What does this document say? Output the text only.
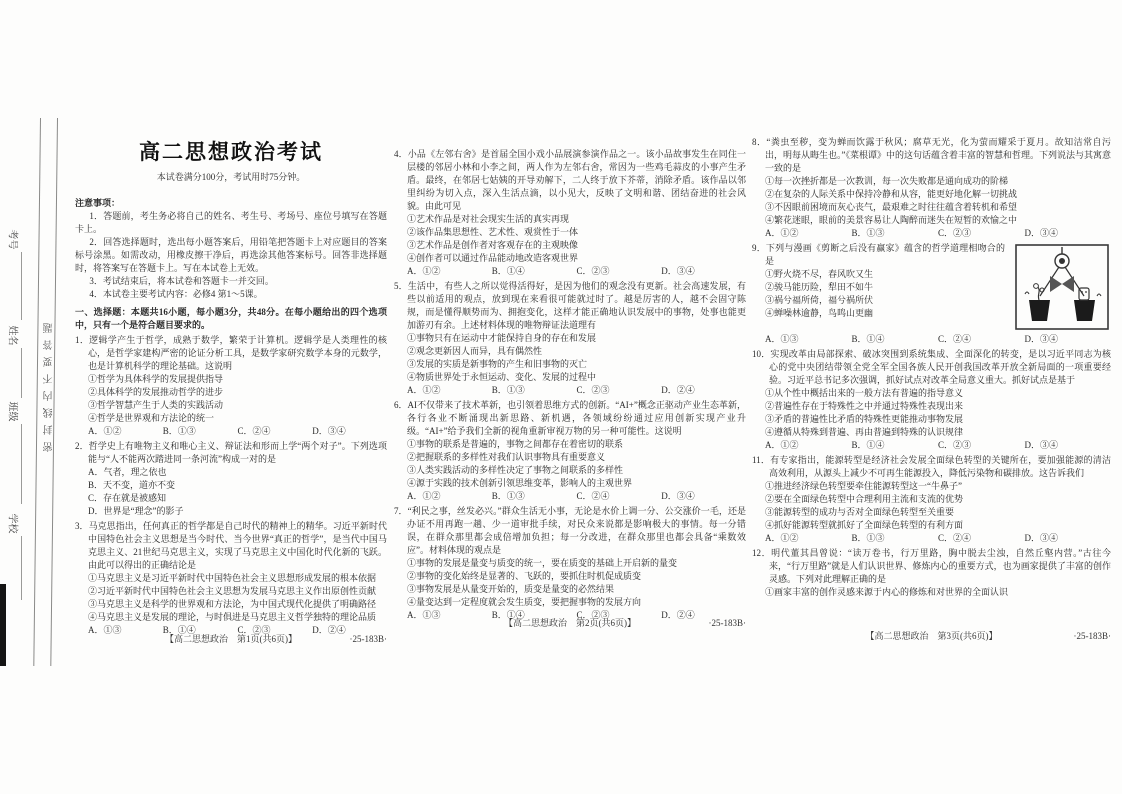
考号
姓名
班级
学校
密封线内不要答题
高二思想政治考试
本试卷满分100分，考试用时75分钟。

注意事项：

1．答题前，考生务必将自己的姓名、考生号、考场号、座位号填写在答题卡上。
2．回答选择题时，选出每小题答案后，用铅笔把答题卡上对应题目的答案标号涂黑。如需改动，用橡皮擦干净后，再选涂其他答案标号。回答非选择题时，将答案写在答题卡上。写在本试卷上无效。
3．考试结束后，将本试卷和答题卡一并交回。
4．本试卷主要考试内容：必修4 第1～5课。
一、选择题：本题共16小题，每小题3分，共48分。在每小题给出的四个选项中，只有一个是符合题目要求的。

1．逻辑学产生于哲学，成熟于数学，繁荣于计算机。逻辑学是人类理性的核心，是哲学家建构严密的论证分析工具，是数学家研究数学本身的元数学，也是计算机科学的理论基础。这说明

①哲学为具体科学的发展提供指导
②具体科学的发展推动哲学的进步
③哲学智慧产生于人类的实践活动
④哲学是世界观和方法论的统一
A．①②	B．①③	C．②④	D．③④

2．哲学史上有唯物主义和唯心主义、辩证法和形而上学“两个对子”。下列选项能与“人不能两次踏进同一条河流”构成一对的是

A．气者，理之依也
B．天不变，道亦不变
C．存在就是被感知
D．世界是“理念”的影子

3．马克思指出，任何真正的哲学都是自己时代的精神上的精华。习近平新时代中国特色社会主义思想是当今时代、当今世界“真正的哲学”，是当代中国马克思主义、21世纪马克思主义，实现了马克思主义中国化时代化新的飞跃。由此可以得出的正确结论是

①马克思主义是习近平新时代中国特色社会主义思想形成发展的根本依据
②习近平新时代中国特色社会主义思想为发展马克思主义作出原创性贡献
③马克思主义是科学的世界观和方法论，为中国式现代化提供了明确路径
④马克思主义是发展的理论，与时俱进是马克思主义哲学独特的理论品质
A．①③	B．①④	C．②③	D．②④

4．小品《左邻右舍》是首届全国小戏小品展演参演作品之一。该小品故事发生在同住一层楼的邻居小林和小李之间，两人作为左邻右舍，常因为一些鸡毛蒜皮的小事产生矛盾。最终，在邻居七姑姨的开导劝解下，二人终于放下芥蒂，消除矛盾。该作品以邻里纠纷为切入点，深入生活点滴，以小见大，反映了文明和谐、团结奋进的社会风貌。由此可见

①艺术作品是对社会现实生活的真实再现
②该作品集思想性、艺术性、观赏性于一体
③艺术作品是创作者对客观存在的主观映像
④创作者可以通过作品能动地改造客观世界
A．①②	B．①④	C．②③	D．③④

5．生活中，有些人之所以觉得活得好，是因为他们的观念没有更新。社会高速发展，有些以前适用的观点，放到现在来看很可能就过时了。越是厉害的人，越不会固守陈规，而是懂得顺势而为、拥抱变化，这样才能正确地认识发展中的事物，处事也能更加游刃有余。上述材料体现的唯物辩证法道理有

①事物只有在运动中才能保持自身的存在和发展
②观念更新因人而异，具有偶然性
③发展的实质是新事物的产生和旧事物的灭亡
④物质世界处于永恒运动、变化、发展的过程中
A．①②	B．①③	C．②③	D．②④

6．AI不仅带来了技术革新，也引领着思维方式的创新。“AI+”概念正驱动产业生态革新，各行各业不断涌现出新思路、新机遇，各领域纷纷通过应用创新实现产业升级。“AI+”给予我们全新的视角重新审视万物的另一种可能性。这说明

①事物的联系是普遍的，事物之间都存在着密切的联系
②把握联系的多样性对我们认识事物具有重要意义
③人类实践活动的多样性决定了事物之间联系的多样性
④源于实践的技术创新引领思维变革，影响人的主观世界
A．①②	B．①③	C．②④	D．③④

7．“利民之事，丝发必兴。”群众生活无小事，无论是水价上调一分、公交涨价一毛，还是办证不用再跑一趟、少一道审批手续，对民众来说都是影响极大的事情。每一分错误，在群众那里都会成倍增加负担；每一分改进，在群众那里也都会具备“乘数效应”。材料体现的观点是

①事物的发展是量变与质变的统一，要在质变的基础上开启新的量变
②事物的变化始终是显著的、飞跃的，要抓住时机促成质变
③事物发展是从量变开始的，质变是量变的必然结果
④量变达到一定程度就会发生质变，要把握事物的发展方向
A．①③	B．①④	C．②③	D．②④

8．“粪虫至秽，变为蝉而饮露于秋风；腐草无光，化为萤而耀采于夏月。故知洁常自污出，明每从晦生也。”《菜根谭》中的这句话蕴含着丰富的智慧和哲理。下列说法与其寓意一致的是

①每一次挫折都是一次教训，每一次失败都是通向成功的阶梯
②在复杂的人际关系中保持冷静和从容，能更好地化解一切挑战
③不因眼前困境而灰心丧气，最艰难之时往往蕴含着转机和希望
④繁花迷眼，眼前的美景容易让人陶醉而迷失在短暂的欢愉之中
A．①②	B．①③	C．②③	D．③④

9．下列与漫画《剪断之后没有赢家》蕴含的哲学道理相吻合的是

①野火烧不尽，春风吹又生
②骏马能历险，犁田不如牛
③祸兮福所倚，福兮祸所伏
④蝉噪林逾静，鸟鸣山更幽
A．①③	B．①④	C．②④	D．③④

10．实现改革由局部探索、破冰突围到系统集成、全面深化的转变，是以习近平同志为核心的党中央团结带领全党全军全国各族人民开创我国改革开放全新局面的一项重要经验。习近平总书记多次强调，抓好试点对改革全局意义重大。抓好试点是基于

①从个性中概括出来的一般方法有普遍的指导意义
②普遍性存在于特殊性之中并通过特殊性表现出来
③矛盾的普遍性比矛盾的特殊性更能推动事物发展
④遵循从特殊到普遍、再由普遍到特殊的认识规律
A．①②	B．①④	C．②③	D．③④

11．有专家指出，能源转型是经济社会发展全面绿色转型的关键所在，要加强能源的清洁高效利用，从源头上减少不可再生能源投入，降低污染物和碳排放。这告诉我们

①推进经济绿色转型要牵住能源转型这一“牛鼻子”
②要在全面绿色转型中合理利用主流和支流的优势
③能源转型的成功与否对全面绿色转型至关重要
④抓好能源转型就抓好了全面绿色转型的有利方面
A．①②	B．①③	C．②④	D．③④

12．明代董其昌曾说：“读万卷书，行万里路，胸中脱去尘浊，自然丘壑内营。”古往今来，“行万里路”就是人们认识世界、修炼内心的重要方式，也为画家提供了丰富的创作灵感。下列对此理解正确的是

①画家丰富的创作灵感来源于内心的修炼和对世界的全面认识
【高二思想政治　第1页(共6页)】	·25-183B·
【高二思想政治　第2页(共6页)】	·25-183B·
【高二思想政治　第3页(共6页)】	·25-183B·
